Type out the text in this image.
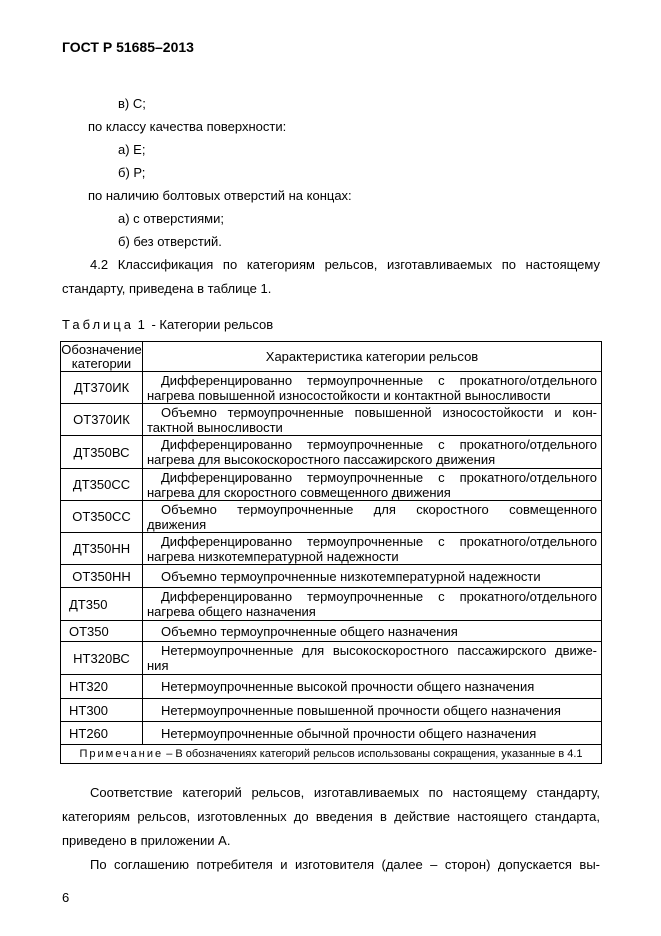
ГОСТ Р 51685–2013
в) С;
по классу качества поверхности:
а) Е;
б) Р;
по наличию болтовых отверстий на концах:
а) с отверстиями;
б) без отверстий.
4.2 Классификация по категориям рельсов, изготавливаемых по настоящему
стандарту, приведена в таблице 1.
Таблица 1 - Категории рельсов
Обозначение
категории	Характеристика категории рельсов
ДТ370ИК	Дифференцированно термоупрочненные с прокатного/отдельного
нагрева повышенной износостойкости и контактной выносливости

ОТ370ИК	Объемно термоупрочненные повышенной износостойкости и кон-
тактной выносливости

ДТ350ВС	Дифференцированно термоупрочненные с прокатного/отдельного
нагрева для высокоскоростного пассажирского движения

ДТ350СС	Дифференцированно термоупрочненные с прокатного/отдельного
нагрева для скоростного совмещенного движения

ОТ350СС	Объемно термоупрочненные для скоростного совмещенного
движения

ДТ350НН	Дифференцированно термоупрочненные с прокатного/отдельного
нагрева низкотемпературной надежности

ОТ350НН	Объемно термоупрочненные низкотемпературной надежности

ДТ350	Дифференцированно термоупрочненные с прокатного/отдельного
нагрева общего назначения

ОТ350	Объемно термоупрочненные общего назначения

НТ320ВС	Нетермоупрочненные для высокоскоростного пассажирского движе-
ния

НТ320	Нетермоупрочненные высокой прочности общего назначения

НТ300	Нетермоупрочненные повышенной прочности общего назначения

НТ260	Нетермоупрочненные обычной прочности общего назначения

Примечание – В обозначениях категорий рельсов использованы сокращения, указанные в 4.1	
Соответствие категорий рельсов, изготавливаемых по настоящему стандарту,
категориям рельсов, изготовленных до введения в действие настоящего стандарта,
приведено в приложении А.
По соглашению потребителя и изготовителя (далее – сторон) допускается вы-
6
